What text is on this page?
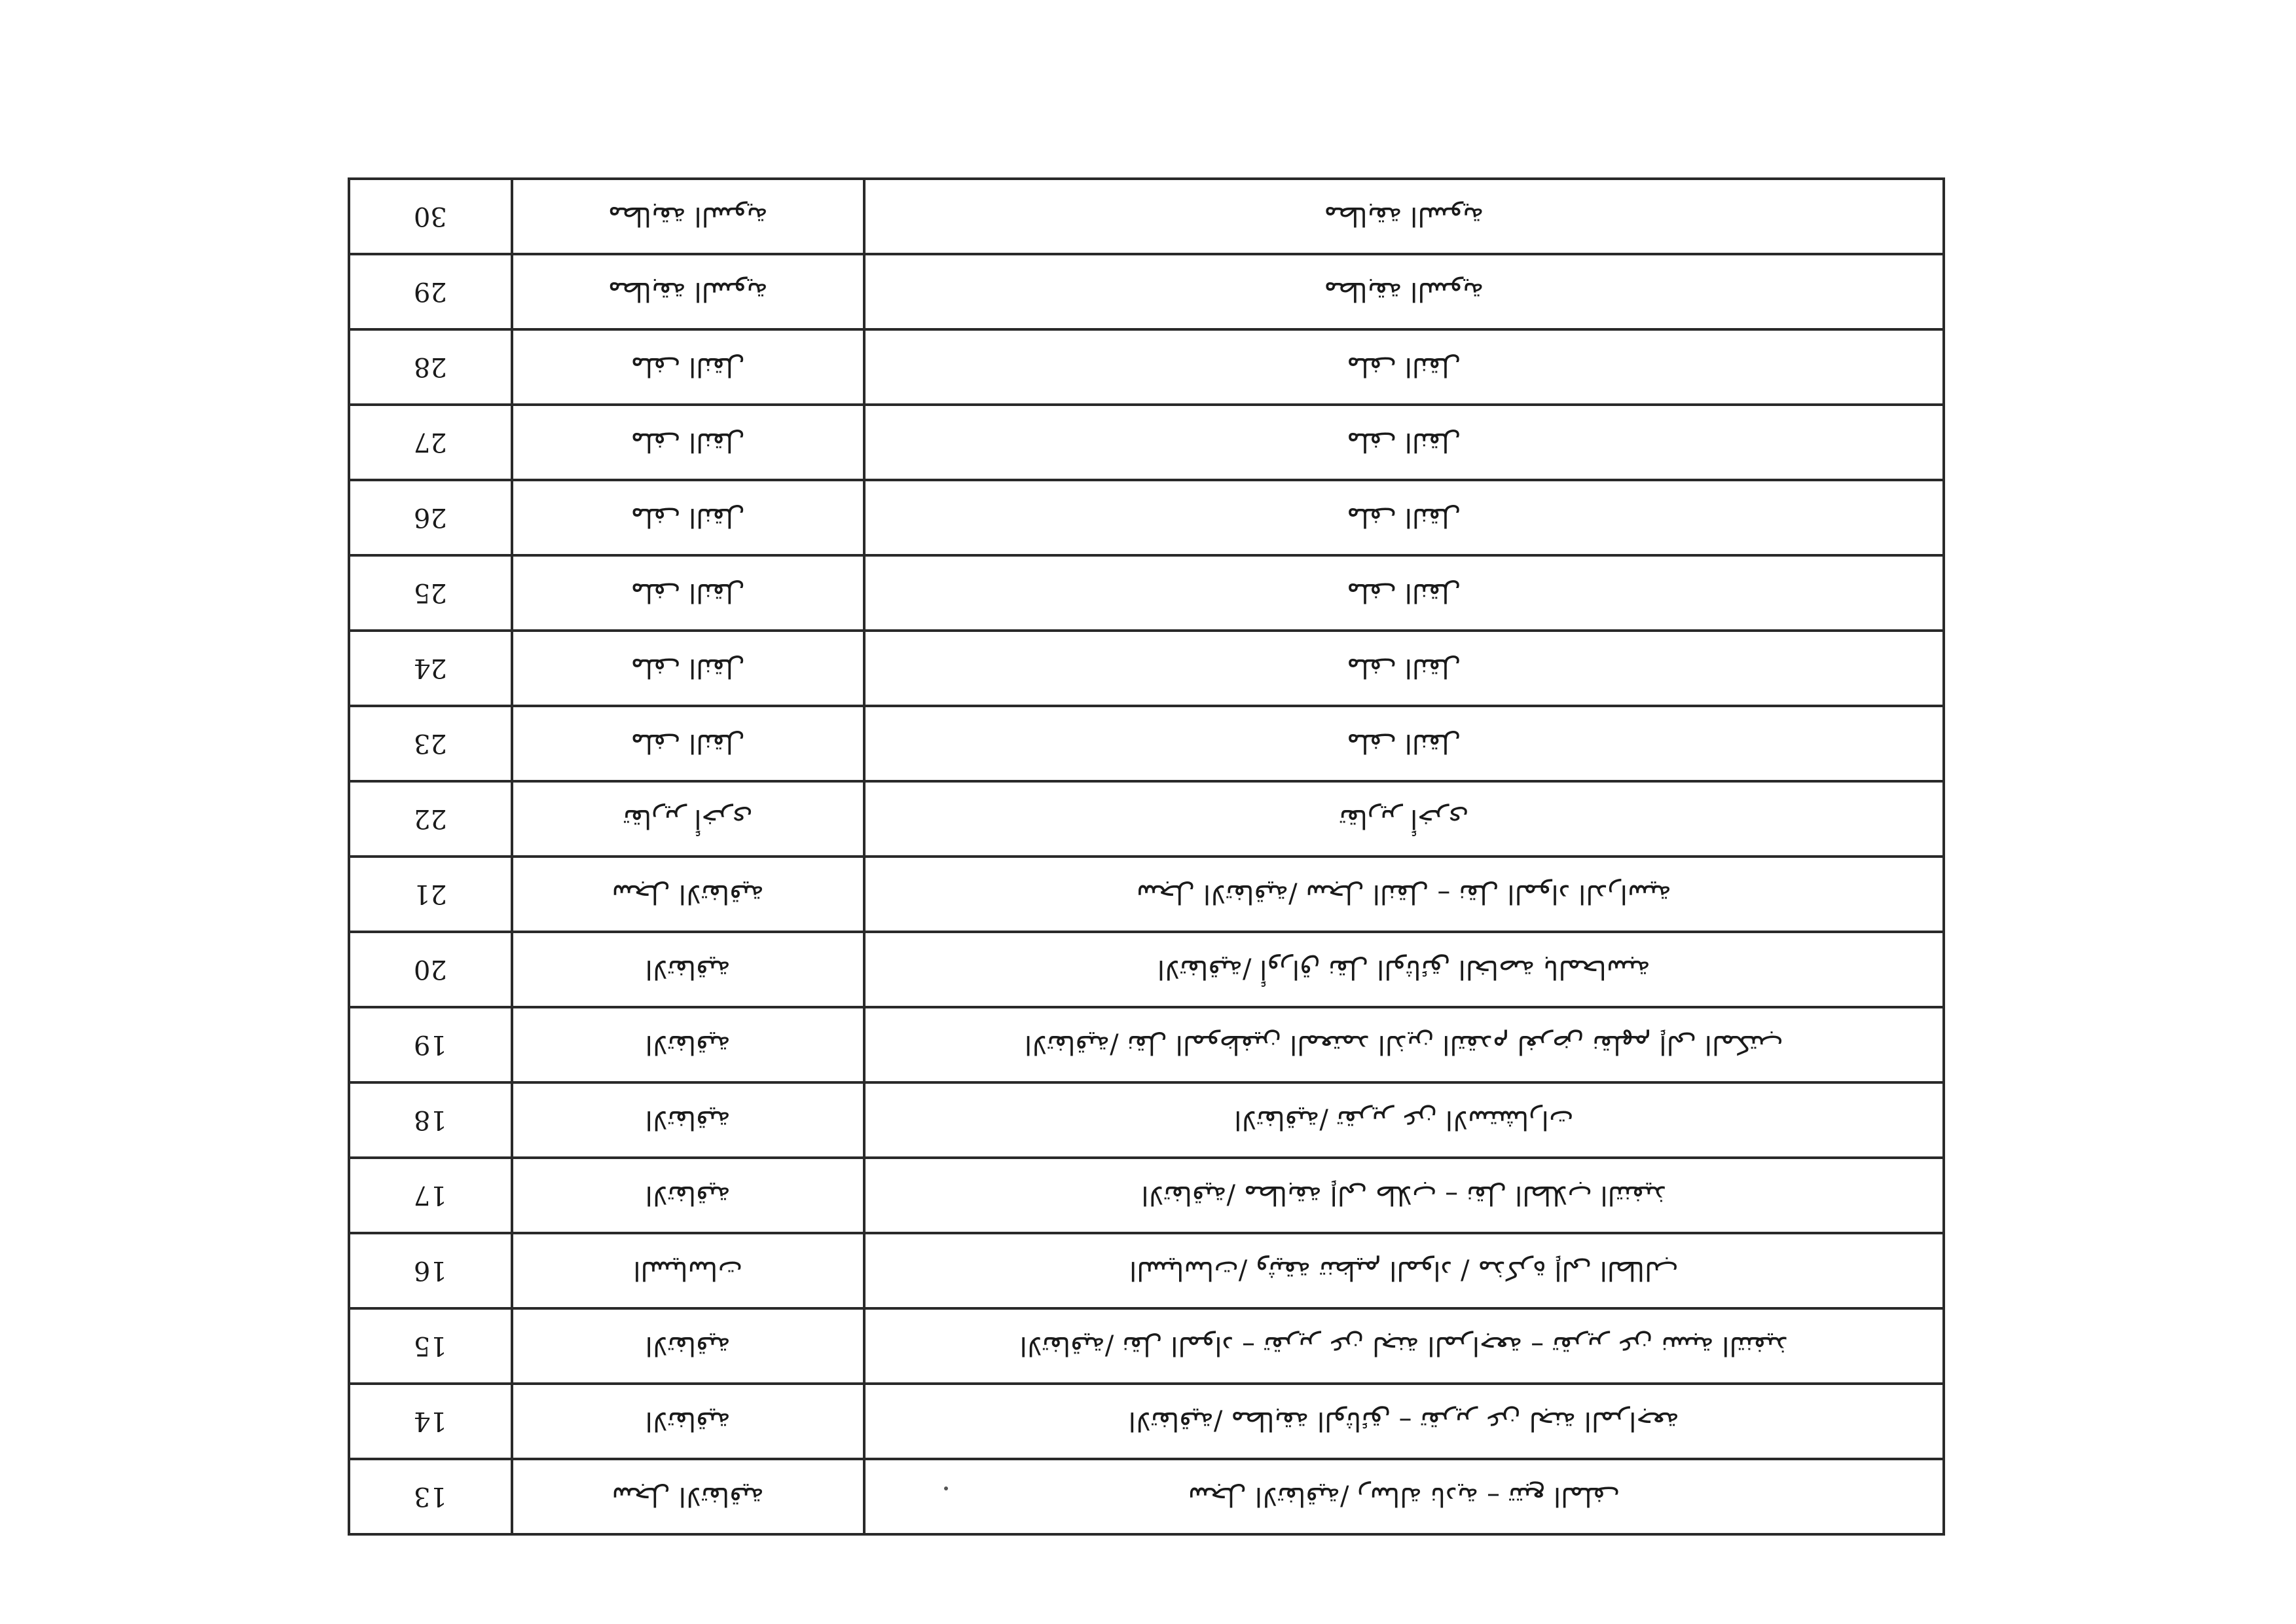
13	سجل الاتفاقية	سجل الاتفاقية/ رسالة نادية – تتبع الملف
14	الاتفاقية	الاتفاقية/ مطابقة الوثائق – تقرير عن لجنة المراجعة
15	الاتفاقية	الاتفاقية/ نقل المواد – تقرير عن لجنة المراجعة – تقرير عن نسبة التنفيذ
16	السياسات	السياسات/ وثيقة تنظيم المواد / مذكرة إلى الطالب
17	الاتفاقية	الاتفاقية/ مطابقة إلى طلاب – نقل الطلاب التنفيذ
18	الاتفاقية	الاتفاقية/ تقرير عن الاستشارات
19	الاتفاقية	الاتفاقية/ نقل الموظفين المعتمد الذين التقدم لغرض نقلهم إلى المكتب
20	الاتفاقية	الاتفاقية/ أوراق نقل الوثائق الخاصة بالمحاسبة
21	سجل الاتفاقية	سجل الاتفاقية/ سجل النقل – نقل المواد الدراسية
22	تقارير أخرى	تقارير أخرى
23	ملف النقل	ملف النقل
24	ملف النقل	ملف النقل
25	ملف النقل	ملف النقل
26	ملف النقل	ملف النقل
27	ملف النقل	ملف النقل
28	ملف النقل	ملف النقل
29	مطابقة السوية	مطابقة السوية
30	مطابقة السوية	مطابقة السوية
